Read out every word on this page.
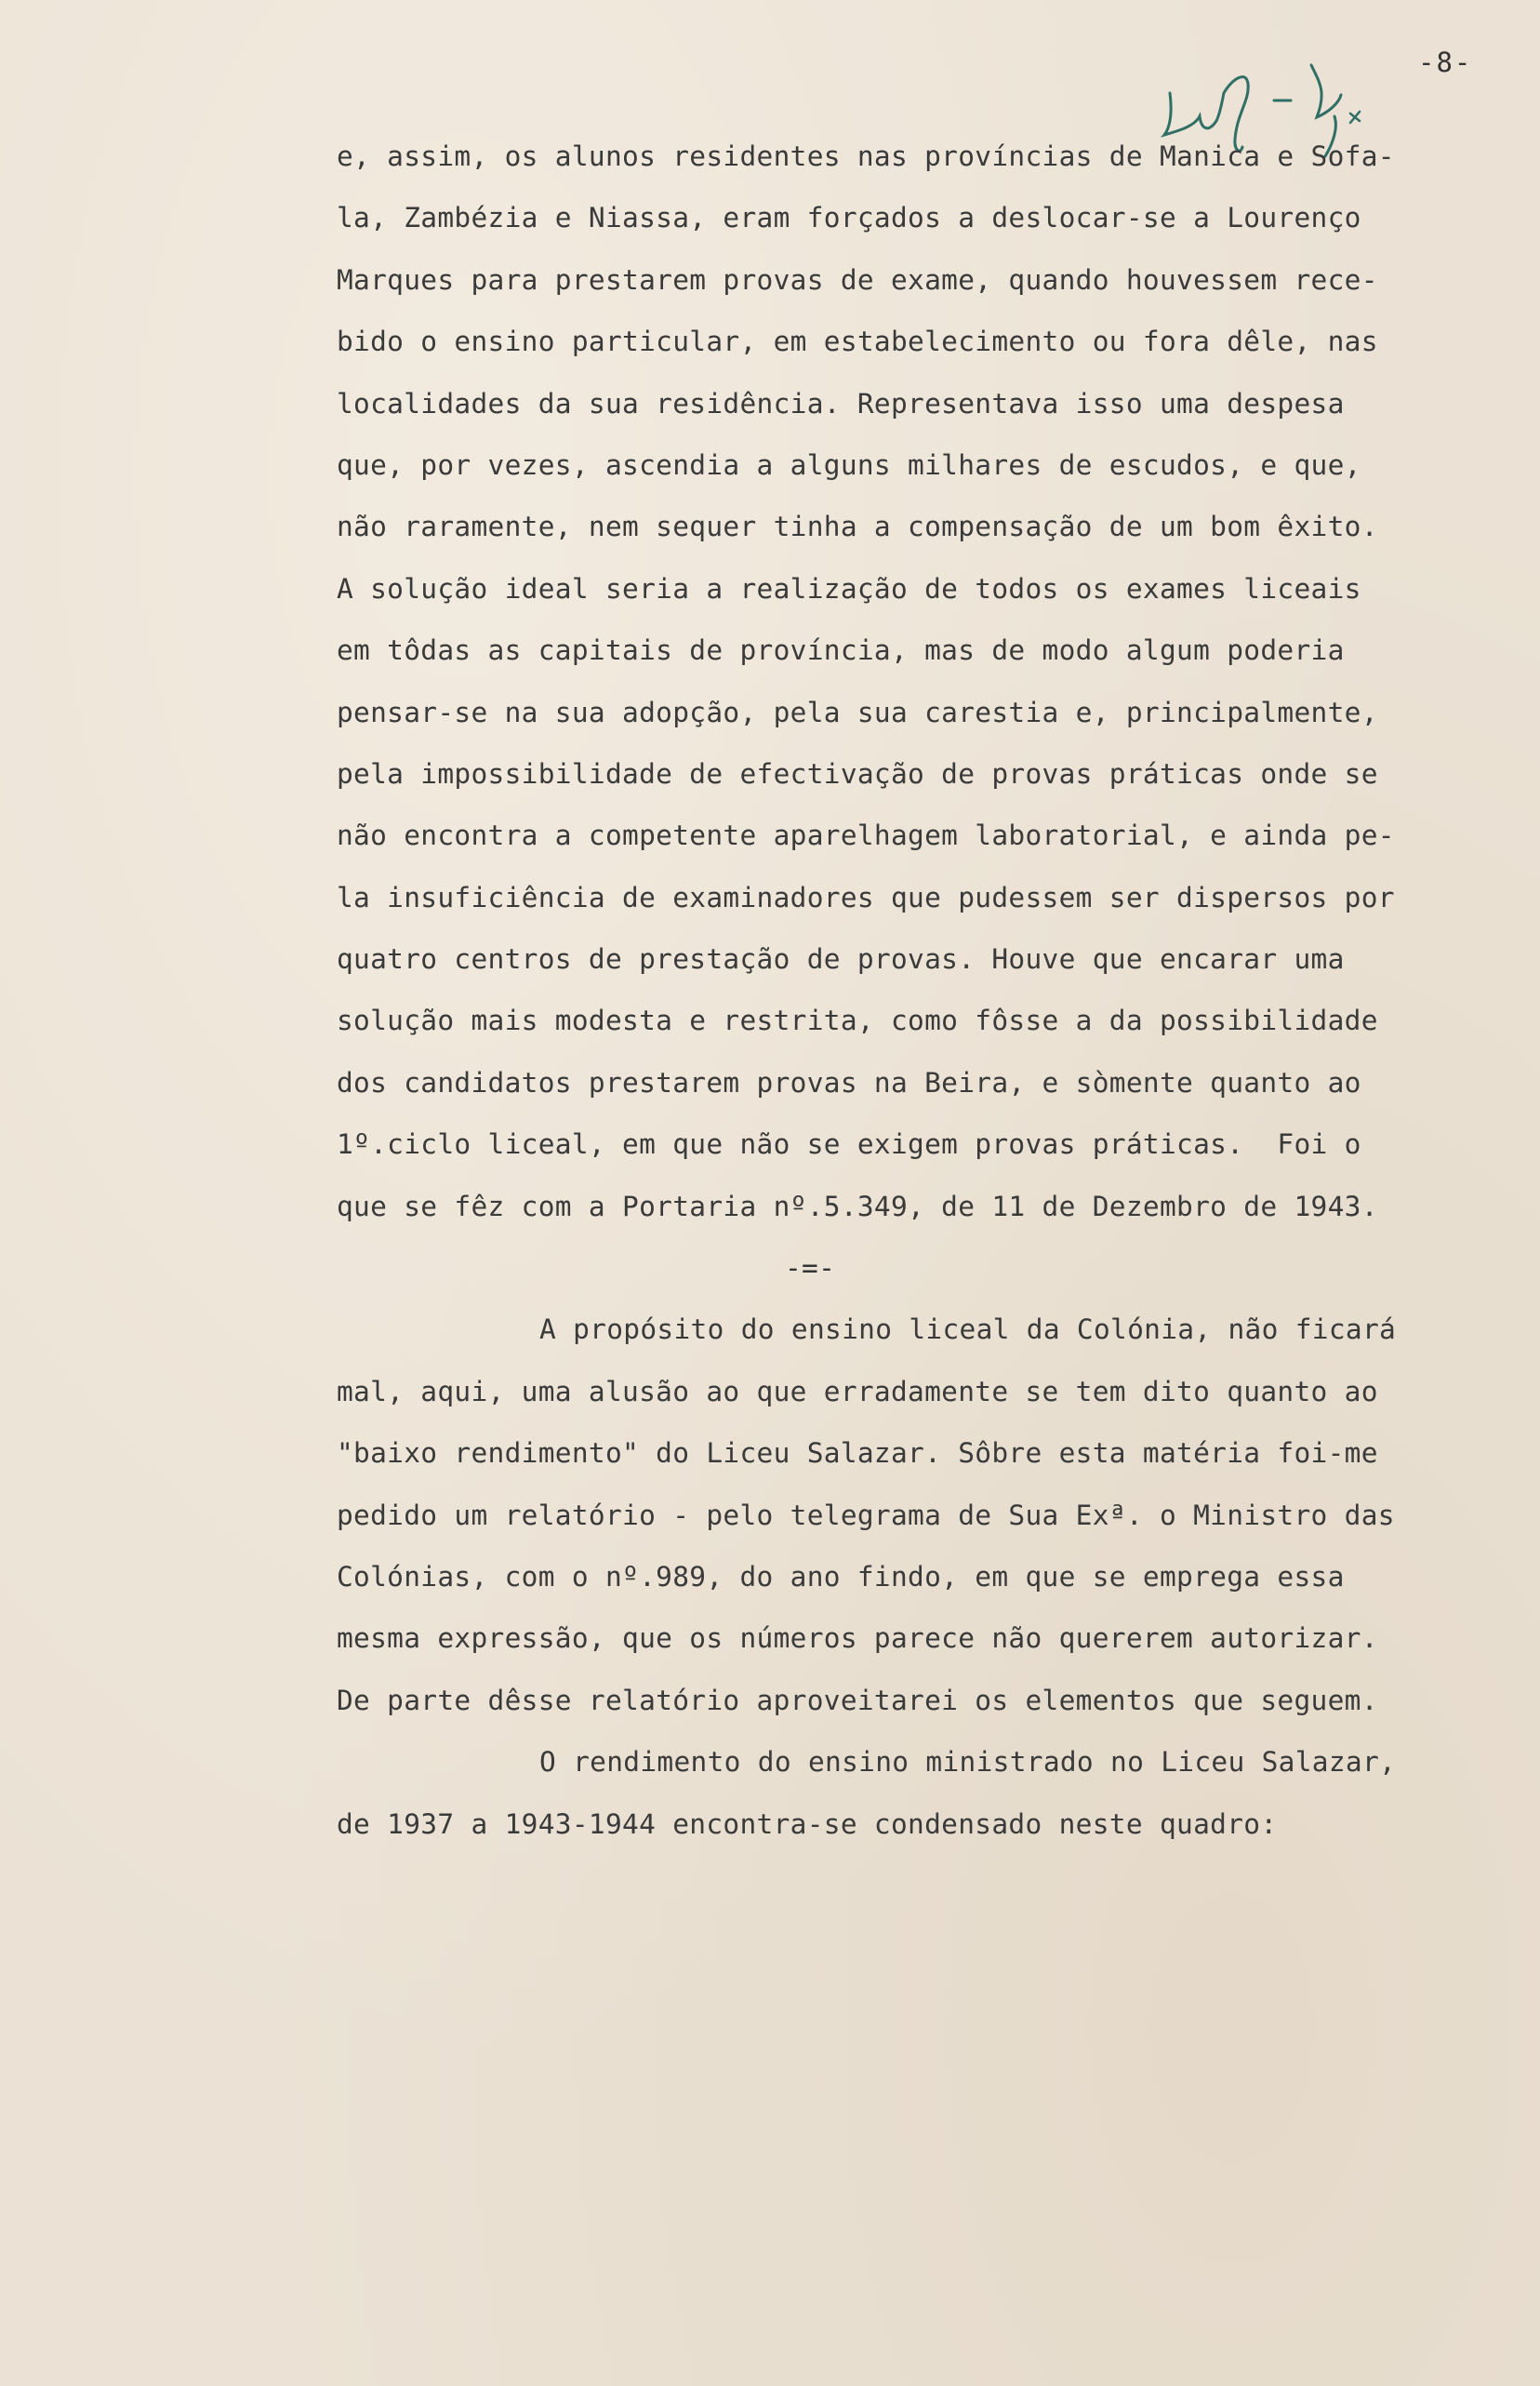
-8-

e, assim, os alunos residentes nas províncias de Manica e Sofa-
la, Zambézia e Niassa, eram forçados a deslocar-se a Lourenço
Marques para prestarem provas de exame, quando houvessem rece-
bido o ensino particular, em estabelecimento ou fora dêle, nas
localidades da sua residência. Representava isso uma despesa
que, por vezes, ascendia a alguns milhares de escudos, e que,
não raramente, nem sequer tinha a compensação de um bom êxito.
A solução ideal seria a realização de todos os exames liceais
em tôdas as capitais de província, mas de modo algum poderia
pensar-se na sua adopção, pela sua carestia e, principalmente,
pela impossibilidade de efectivação de provas práticas onde se
não encontra a competente aparelhagem laboratorial, e ainda pe-
la insuficiência de examinadores que pudessem ser dispersos por
quatro centros de prestação de provas. Houve que encarar uma
solução mais modesta e restrita, como fôsse a da possibilidade
dos candidatos prestarem provas na Beira, e sòmente quanto ao
1º.ciclo liceal, em que não se exigem provas práticas.  Foi o
que se fêz com a Portaria nº.5.349, de 11 de Dezembro de 1943.
-=-
A propósito do ensino liceal da Colónia, não ficará
mal, aqui, uma alusão ao que erradamente se tem dito quanto ao
"baixo rendimento" do Liceu Salazar. Sôbre esta matéria foi-me
pedido um relatório - pelo telegrama de Sua Exª. o Ministro das
Colónias, com o nº.989, do ano findo, em que se emprega essa
mesma expressão, que os números parece não quererem autorizar.
De parte dêsse relatório aproveitarei os elementos que seguem.
O rendimento do ensino ministrado no Liceu Salazar,
de 1937 a 1943-1944 encontra-se condensado neste quadro:
